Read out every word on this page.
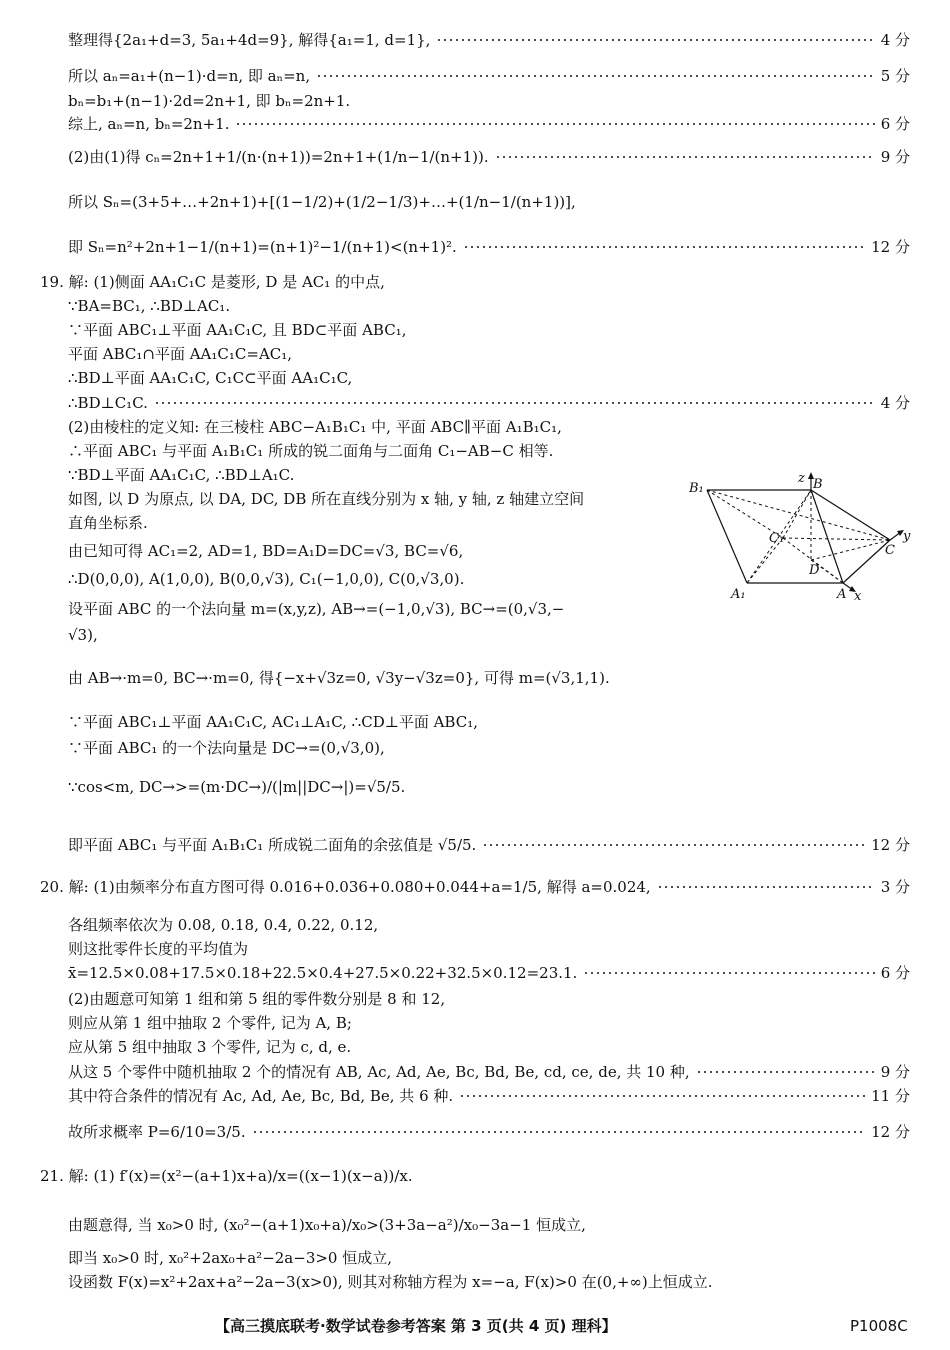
整理得{2a₁+d=3, 5a₁+4d=9}, 解得{a₁=1, d=1},	4 分
所以 aₙ=a₁+(n−1)·d=n, 即 aₙ=n,	5 分
bₙ=b₁+(n−1)·2d=2n+1, 即 bₙ=2n+1.
综上, aₙ=n, bₙ=2n+1.	6 分
(2)由(1)得 cₙ=2n+1+1/(n·(n+1))=2n+1+(1/n−1/(n+1)).	9 分
所以 Sₙ=(3+5+…+2n+1)+[(1−1/2)+(1/2−1/3)+…+(1/n−1/(n+1))],
即 Sₙ=n²+2n+1−1/(n+1)=(n+1)²−1/(n+1)<(n+1)².	12 分
19. 解: (1)侧面 AA₁C₁C 是菱形, D 是 AC₁ 的中点,
∵BA=BC₁, ∴BD⊥AC₁.
∵平面 ABC₁⊥平面 AA₁C₁C, 且 BD⊂平面 ABC₁,
平面 ABC₁∩平面 AA₁C₁C=AC₁,
∴BD⊥平面 AA₁C₁C, C₁C⊂平面 AA₁C₁C,
∴BD⊥C₁C.	4 分
(2)由棱柱的定义知: 在三棱柱 ABC−A₁B₁C₁ 中, 平面 ABC∥平面 A₁B₁C₁,
∴平面 ABC₁ 与平面 A₁B₁C₁ 所成的锐二面角与二面角 C₁−AB−C 相等.
∵BD⊥平面 AA₁C₁C, ∴BD⊥A₁C.
如图, 以 D 为原点, 以 DA, DC, DB 所在直线分别为 x 轴, y 轴, z 轴建立空间
直角坐标系.
由已知可得 AC₁=2, AD=1, BD=A₁D=DC=√3, BC=√6,
∴D(0,0,0), A(1,0,0), B(0,0,√3), C₁(−1,0,0), C(0,√3,0).
设平面 ABC 的一个法向量 m=(x,y,z), AB→=(−1,0,√3), BC→=(0,√3,−
√3),
由 AB→·m=0, BC→·m=0, 得{−x+√3z=0, √3y−√3z=0}, 可得 m=(√3,1,1).
∵平面 ABC₁⊥平面 AA₁C₁C, AC₁⊥A₁C, ∴CD⊥平面 ABC₁,
∵平面 ABC₁ 的一个法向量是 DC→=(0,√3,0),
∵cos<m, DC→>=(m·DC→)/(|m||DC→|)=√5/5.
即平面 ABC₁ 与平面 A₁B₁C₁ 所成锐二面角的余弦值是 √5/5.	12 分
20. 解: (1)由频率分布直方图可得 0.016+0.036+0.080+0.044+a=1/5, 解得 a=0.024,	3 分
各组频率依次为 0.08, 0.18, 0.4, 0.22, 0.12,
则这批零件长度的平均值为
x̄=12.5×0.08+17.5×0.18+22.5×0.4+27.5×0.22+32.5×0.12=23.1.	6 分
(2)由题意可知第 1 组和第 5 组的零件数分别是 8 和 12,
则应从第 1 组中抽取 2 个零件, 记为 A, B;
应从第 5 组中抽取 3 个零件, 记为 c, d, e.
从这 5 个零件中随机抽取 2 个的情况有 AB, Ac, Ad, Ae, Bc, Bd, Be, cd, ce, de, 共 10 种,	9 分
其中符合条件的情况有 Ac, Ad, Ae, Bc, Bd, Be, 共 6 种.	11 分
故所求概率 P=6/10=3/5.	12 分
21. 解: (1) f′(x)=(x²−(a+1)x+a)/x=((x−1)(x−a))/x.
由题意得, 当 x₀>0 时, (x₀²−(a+1)x₀+a)/x₀>(3+3a−a²)/x₀−3a−1 恒成立,
即当 x₀>0 时, x₀²+2ax₀+a²−2a−3>0 恒成立,
设函数 F(x)=x²+2ax+a²−2a−3(x>0), 则其对称轴方程为 x=−a, F(x)>0 在(0,+∞)上恒成立.
B₁
z B
y
C₁
C
D
A₁	A x
【高三摸底联考·数学试卷参考答案 第 3 页(共 4 页) 理科】	P1008C
